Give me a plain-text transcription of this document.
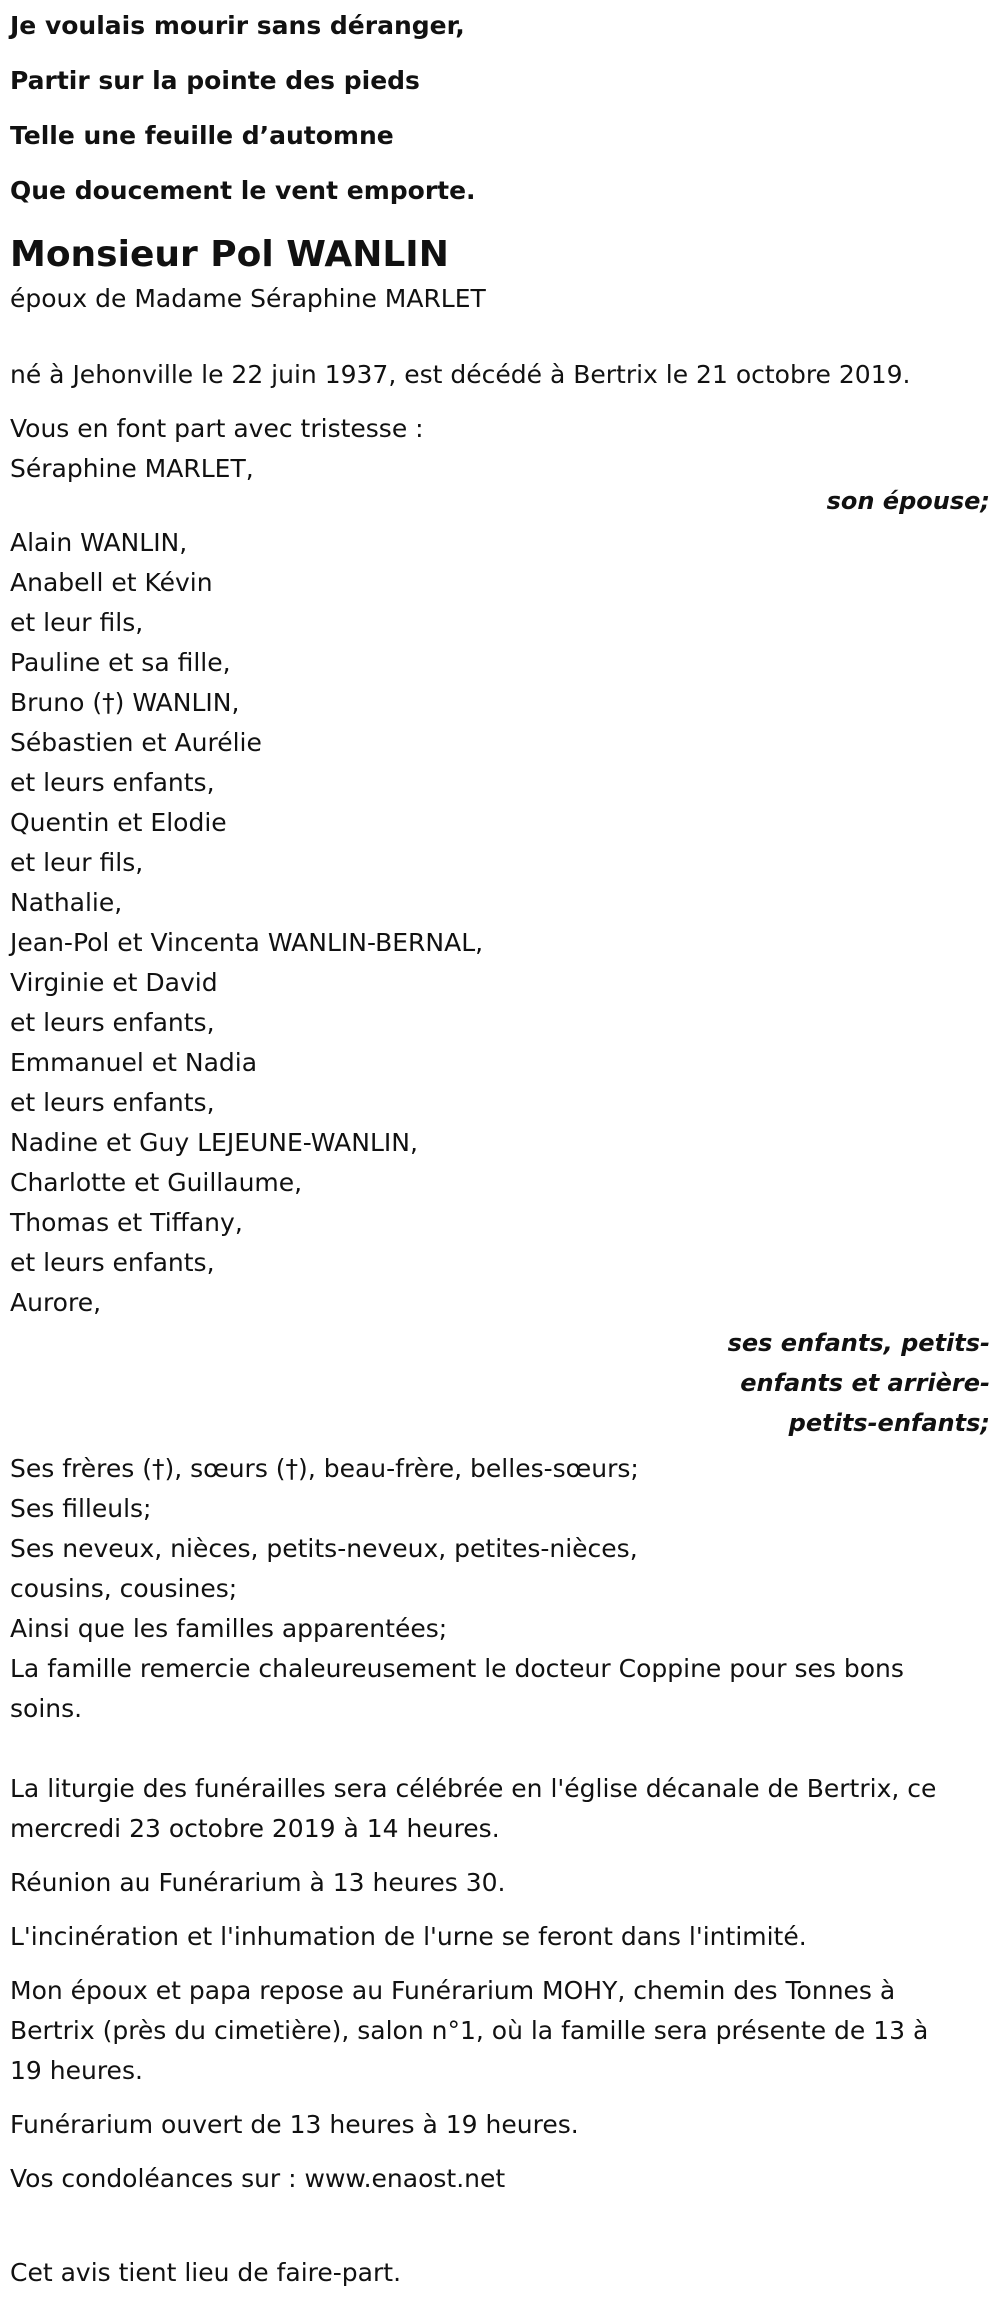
Je voulais mourir sans déranger,
Partir sur la pointe des pieds
Telle une feuille d’automne
Que doucement le vent emporte.
Monsieur Pol WANLIN
époux de Madame Séraphine MARLET
né à Jehonville le 22 juin 1937, est décédé à Bertrix le 21 octobre 2019.
Vous en font part avec tristesse :
Séraphine MARLET,
son épouse;
Alain WANLIN,
Anabell et Kévin
et leur fils,
Pauline et sa fille,
Bruno (†) WANLIN,
Sébastien et Aurélie
et leurs enfants,
Quentin et Elodie
et leur fils,
Nathalie,
Jean-Pol et Vincenta WANLIN-BERNAL,
Virginie et David
et leurs enfants,
Emmanuel et Nadia
et leurs enfants,
Nadine et Guy LEJEUNE-WANLIN,
Charlotte et Guillaume,
Thomas et Tiffany,
et leurs enfants,
Aurore,
ses enfants, petits-
enfants et arrière-
petits-enfants;
Ses frères (†), sœurs (†), beau-frère, belles-sœurs;
Ses filleuls;
Ses neveux, nièces, petits-neveux, petites-nièces,
cousins, cousines;
Ainsi que les familles apparentées;
La famille remercie chaleureusement le docteur Coppine pour ses bons
soins.
La liturgie des funérailles sera célébrée en l'église décanale de Bertrix, ce
mercredi 23 octobre 2019 à 14 heures.
Réunion au Funérarium à 13 heures 30.
L'incinération et l'inhumation de l'urne se feront dans l'intimité.
Mon époux et papa repose au Funérarium MOHY, chemin des Tonnes à
Bertrix (près du cimetière), salon n°1, où la famille sera présente de 13 à
19 heures.
Funérarium ouvert de 13 heures à 19 heures.
Vos condoléances sur : www.enaost.net
Cet avis tient lieu de faire-part.
